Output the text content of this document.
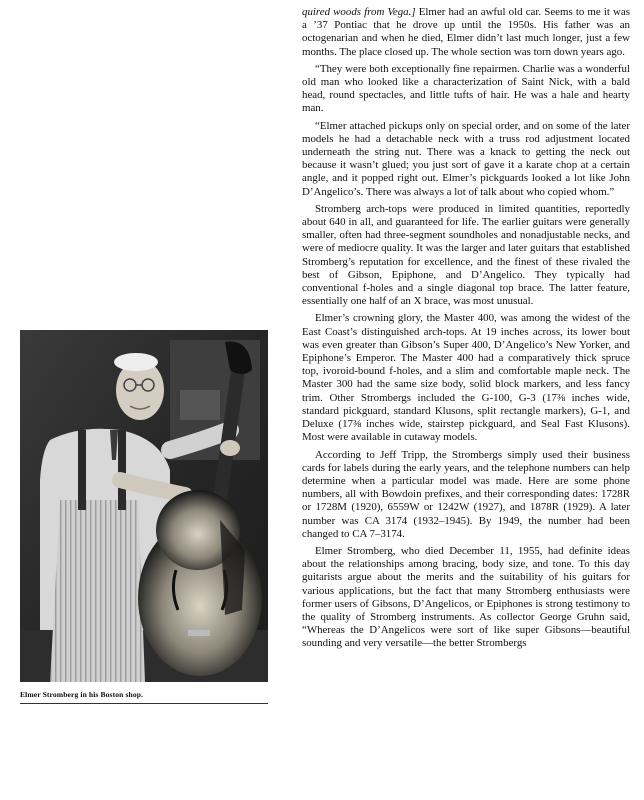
Elmer Stromberg in his Boston shop.

quired woods from Vega.] Elmer had an awful old car. Seems to me it was a ’37 Pontiac that he drove up until the 1950s. His father was an octogenarian and when he died, Elmer didn’t last much longer, just a few months. The place closed up. The whole section was torn down years ago.

“They were both exceptionally fine repairmen. Charlie was a wonderful old man who looked like a characterization of Saint Nick, with a bald head, round spectacles, and little tufts of hair. He was a hale and hearty man.

“Elmer attached pickups only on special order, and on some of the later models he had a detachable neck with a truss rod adjustment located underneath the string nut. There was a knack to getting the neck out because it wasn’t glued; you just sort of gave it a karate chop at a certain angle, and it popped right out. Elmer’s pickguards looked a lot like John D’Angelico’s. There was always a lot of talk about who copied whom.”

Stromberg arch-tops were produced in limited quantities, reportedly about 640 in all, and guaranteed for life. The earlier guitars were generally smaller, often had three-segment soundholes and nonadjustable necks, and were of mediocre quality. It was the larger and later guitars that established Stromberg’s reputation for excellence, and the finest of these rivaled the best of Gibson, Epiphone, and D’Angelico. They typically had conventional f-holes and a single diagonal top brace. The latter feature, essentially one half of an X brace, was most unusual.

Elmer’s crowning glory, the Master 400, was among the widest of the East Coast’s distinguished arch-tops. At 19 inches across, its lower bout was even greater than Gibson’s Super 400, D’Angelico’s New Yorker, and Epiphone’s Emperor. The Master 400 had a comparatively thick spruce top, ivoroid-bound f-holes, and a slim and comfortable maple neck. The Master 300 had the same size body, solid block markers, and less fancy trim. Other Strombergs included the G-100, G-3 (17⅜ inches wide, standard pickguard, standard Klusons, split rectangle markers), G-1, and Deluxe (17⅜ inches wide, stairstep pickguard, and Seal Fast Klusons). Most were available in cutaway models.

According to Jeff Tripp, the Strombergs simply used their business cards for labels during the early years, and the telephone numbers can help determine when a particular model was made. Here are some phone numbers, all with Bowdoin prefixes, and their corresponding dates: 1728R or 1728M (1920), 6559W or 1242W (1927), and 1878R (1929). A later number was CA 3174 (1932–1945). By 1949, the number had been changed to CA 7–3174.

Elmer Stromberg, who died December 11, 1955, had definite ideas about the relationships among bracing, body size, and tone. To this day guitarists argue about the merits and the suitability of his guitars for various applications, but the fact that many Stromberg enthusiasts were former users of Gibsons, D’Angelicos, or Epiphones is strong testimony to the quality of Stromberg instruments. As collector George Gruhn said, “Whereas the D’Angelicos were sort of like super Gibsons—beautiful sounding and very versatile—the better Strombergs
